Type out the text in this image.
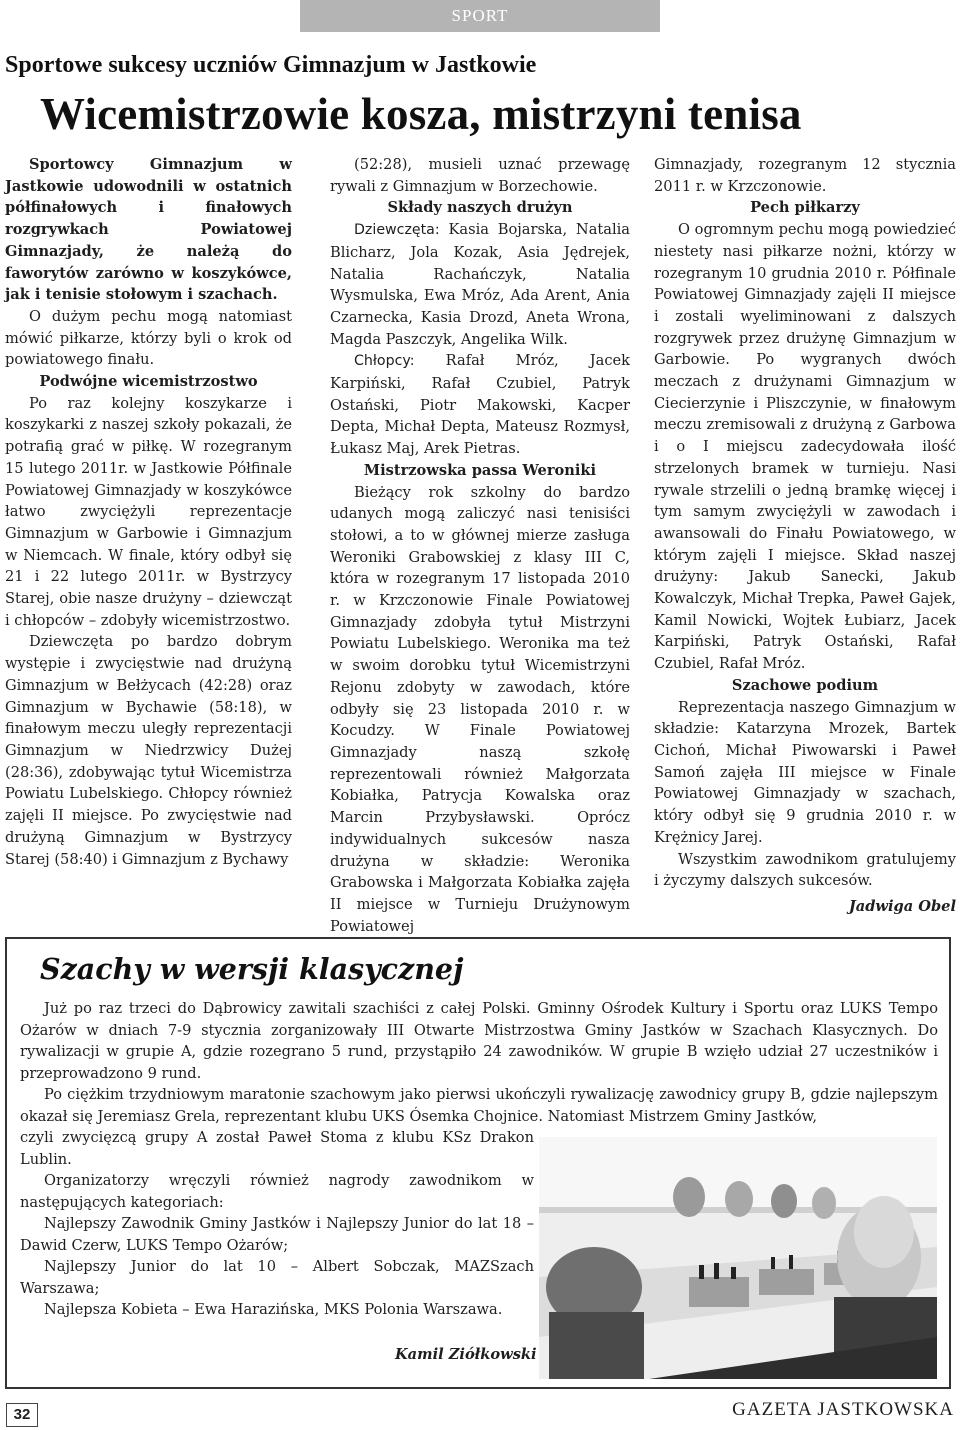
SPORT
Sportowe sukcesy uczniów Gimnazjum w Jastkowie
Wicemistrzowie kosza, mistrzyni tenisa

Sportowcy Gimnazjum w Jastkowie udowodnili w ostatnich półfinałowych i finałowych rozgrywkach Powiatowej Gimnazjady, że należą do faworytów zarówno w koszykówce, jak i tenisie stołowym i szachach.

O dużym pechu mogą natomiast mówić piłkarze, którzy byli o krok od powiatowego finału.

Podwójne wicemistrzostwo

Po raz kolejny koszykarze i koszykarki z naszej szkoły pokazali, że potrafią grać w piłkę. W rozegranym 15 lutego 2011r. w Jastkowie Półfinale Powiatowej Gimnazjady w koszykówce łatwo zwyciężyli reprezentacje Gimnazjum w Garbowie i Gimnazjum w Niemcach. W finale, który odbył się 21 i 22 lutego 2011r. w Bystrzycy Starej, obie nasze drużyny – dziewcząt i chłopców – zdobyły wicemistrzostwo.

Dziewczęta po bardzo dobrym występie i zwycięstwie nad drużyną Gimnazjum w Bełżycach (42:28) oraz Gimnazjum w Bychawie (58:18), w finałowym meczu uległy reprezentacji Gimnazjum w Niedrzwicy Dużej (28:36), zdobywając tytuł Wicemistrza Powiatu Lubelskiego. Chłopcy również zajęli II miejsce. Po zwycięstwie nad drużyną Gimnazjum w Bystrzycy Starej (58:40) i Gimnazjum z Bychawy

(52:28), musieli uznać przewagę rywali z Gimnazjum w Borzechowie.

Składy naszych drużyn

Dziewczęta: Kasia Bojarska, Natalia Blicharz, Jola Kozak, Asia Jędrejek, Natalia Rachańczyk, Natalia Wysmulska, Ewa Mróz, Ada Arent, Ania Czarnecka, Kasia Drozd, Aneta Wrona, Magda Paszczyk, Angelika Wilk.

Chłopcy: Rafał Mróz, Jacek Karpiński, Rafał Czubiel, Patryk Ostański, Piotr Makowski, Kacper Depta, Michał Depta, Mateusz Rozmysł, Łukasz Maj, Arek Pietras.

Mistrzowska passa Weroniki

Bieżący rok szkolny do bardzo udanych mogą zaliczyć nasi tenisiści stołowi, a to w głównej mierze zasługa Weroniki Grabowskiej z klasy III C, która w rozegranym 17 listopada 2010 r. w Krzczonowie Finale Powiatowej Gimnazjady zdobyła tytuł Mistrzyni Powiatu Lubelskiego. Weronika ma też w swoim dorobku tytuł Wicemistrzyni Rejonu zdobyty w zawodach, które odbyły się 23 listopada 2010 r. w Kocudzy. W Finale Powiatowej Gimnazjady naszą szkołę reprezentowali również Małgorzata Kobiałka, Patrycja Kowalska oraz Marcin Przybysławski. Oprócz indywidualnych sukcesów nasza drużyna w składzie: Weronika Grabowska i Małgorzata Kobiałka zajęła II miejsce w Turnieju Drużynowym Powiatowej

Gimnazjady, rozegranym 12 stycznia 2011 r. w Krzczonowie.

Pech piłkarzy

O ogromnym pechu mogą powiedzieć niestety nasi piłkarze nożni, którzy w rozegranym 10 grudnia 2010 r. Półfinale Powiatowej Gimnazjady zajęli II miejsce i zostali wyeliminowani z dalszych rozgrywek przez drużynę Gimnazjum w Garbowie. Po wygranych dwóch meczach z drużynami Gimnazjum w Ciecierzynie i Pliszczynie, w finałowym meczu zremisowali z drużyną z Garbowa i o I miejscu zadecydowała ilość strzelonych bramek w turnieju. Nasi rywale strzelili o jedną bramkę więcej i tym samym zwyciężyli w zawodach i awansowali do Finału Powiatowego, w którym zajęli I miejsce. Skład naszej drużyny: Jakub Sanecki, Jakub Kowalczyk, Michał Trepka, Paweł Gajek, Kamil Nowicki, Wojtek Łubiarz, Jacek Karpiński, Patryk Ostański, Rafał Czubiel, Rafał Mróz.

Szachowe podium

Reprezentacja naszego Gimnazjum w składzie: Katarzyna Mrozek, Bartek Cichoń, Michał Piwowarski i Paweł Samoń zajęła III miejsce w Finale Powiatowej Gimnazjady w szachach, który odbył się 9 grudnia 2010 r. w Krężnicy Jarej.

Wszystkim zawodnikom gratulujemy i życzymy dalszych sukcesów.

Jadwiga Obel
Szachy w wersji klasycznej

Już po raz trzeci do Dąbrowicy zawitali szachiści z całej Polski. Gminny Ośrodek Kultury i Sportu oraz LUKS Tempo Ożarów w dniach 7-9 stycznia zorganizowały III Otwarte Mistrzostwa Gminy Jastków w Szachach Klasycznych. Do rywalizacji w grupie A, gdzie rozegrano 5 rund, przystąpiło 24 zawodników. W grupie B wzięło udział 27 uczestników i przeprowadzono 9 rund.

Po ciężkim trzydniowym maratonie szachowym jako pierwsi ukończyli rywalizację zawodnicy grupy B, gdzie najlepszym okazał się Jeremiasz Grela, reprezentant klubu UKS Ósemka Chojnice. Natomiast Mistrzem Gminy Jastków,

czyli zwycięzcą grupy A został Paweł Stoma z klubu KSz Drakon Lublin.

Organizatorzy wręczyli również nagrody zawodnikom w następujących kategoriach:

Najlepszy Zawodnik Gminy Jastków i Najlepszy Junior do lat 18 – Dawid Czerw, LUKS Tempo Ożarów;

Najlepszy Junior do lat 10 – Albert Sobczak, MAZSzach Warszawa;

Najlepsza Kobieta – Ewa Harazińska, MKS Polonia Warszawa.

Kamil Ziółkowski
32	GAZETA JASTKOWSKA
